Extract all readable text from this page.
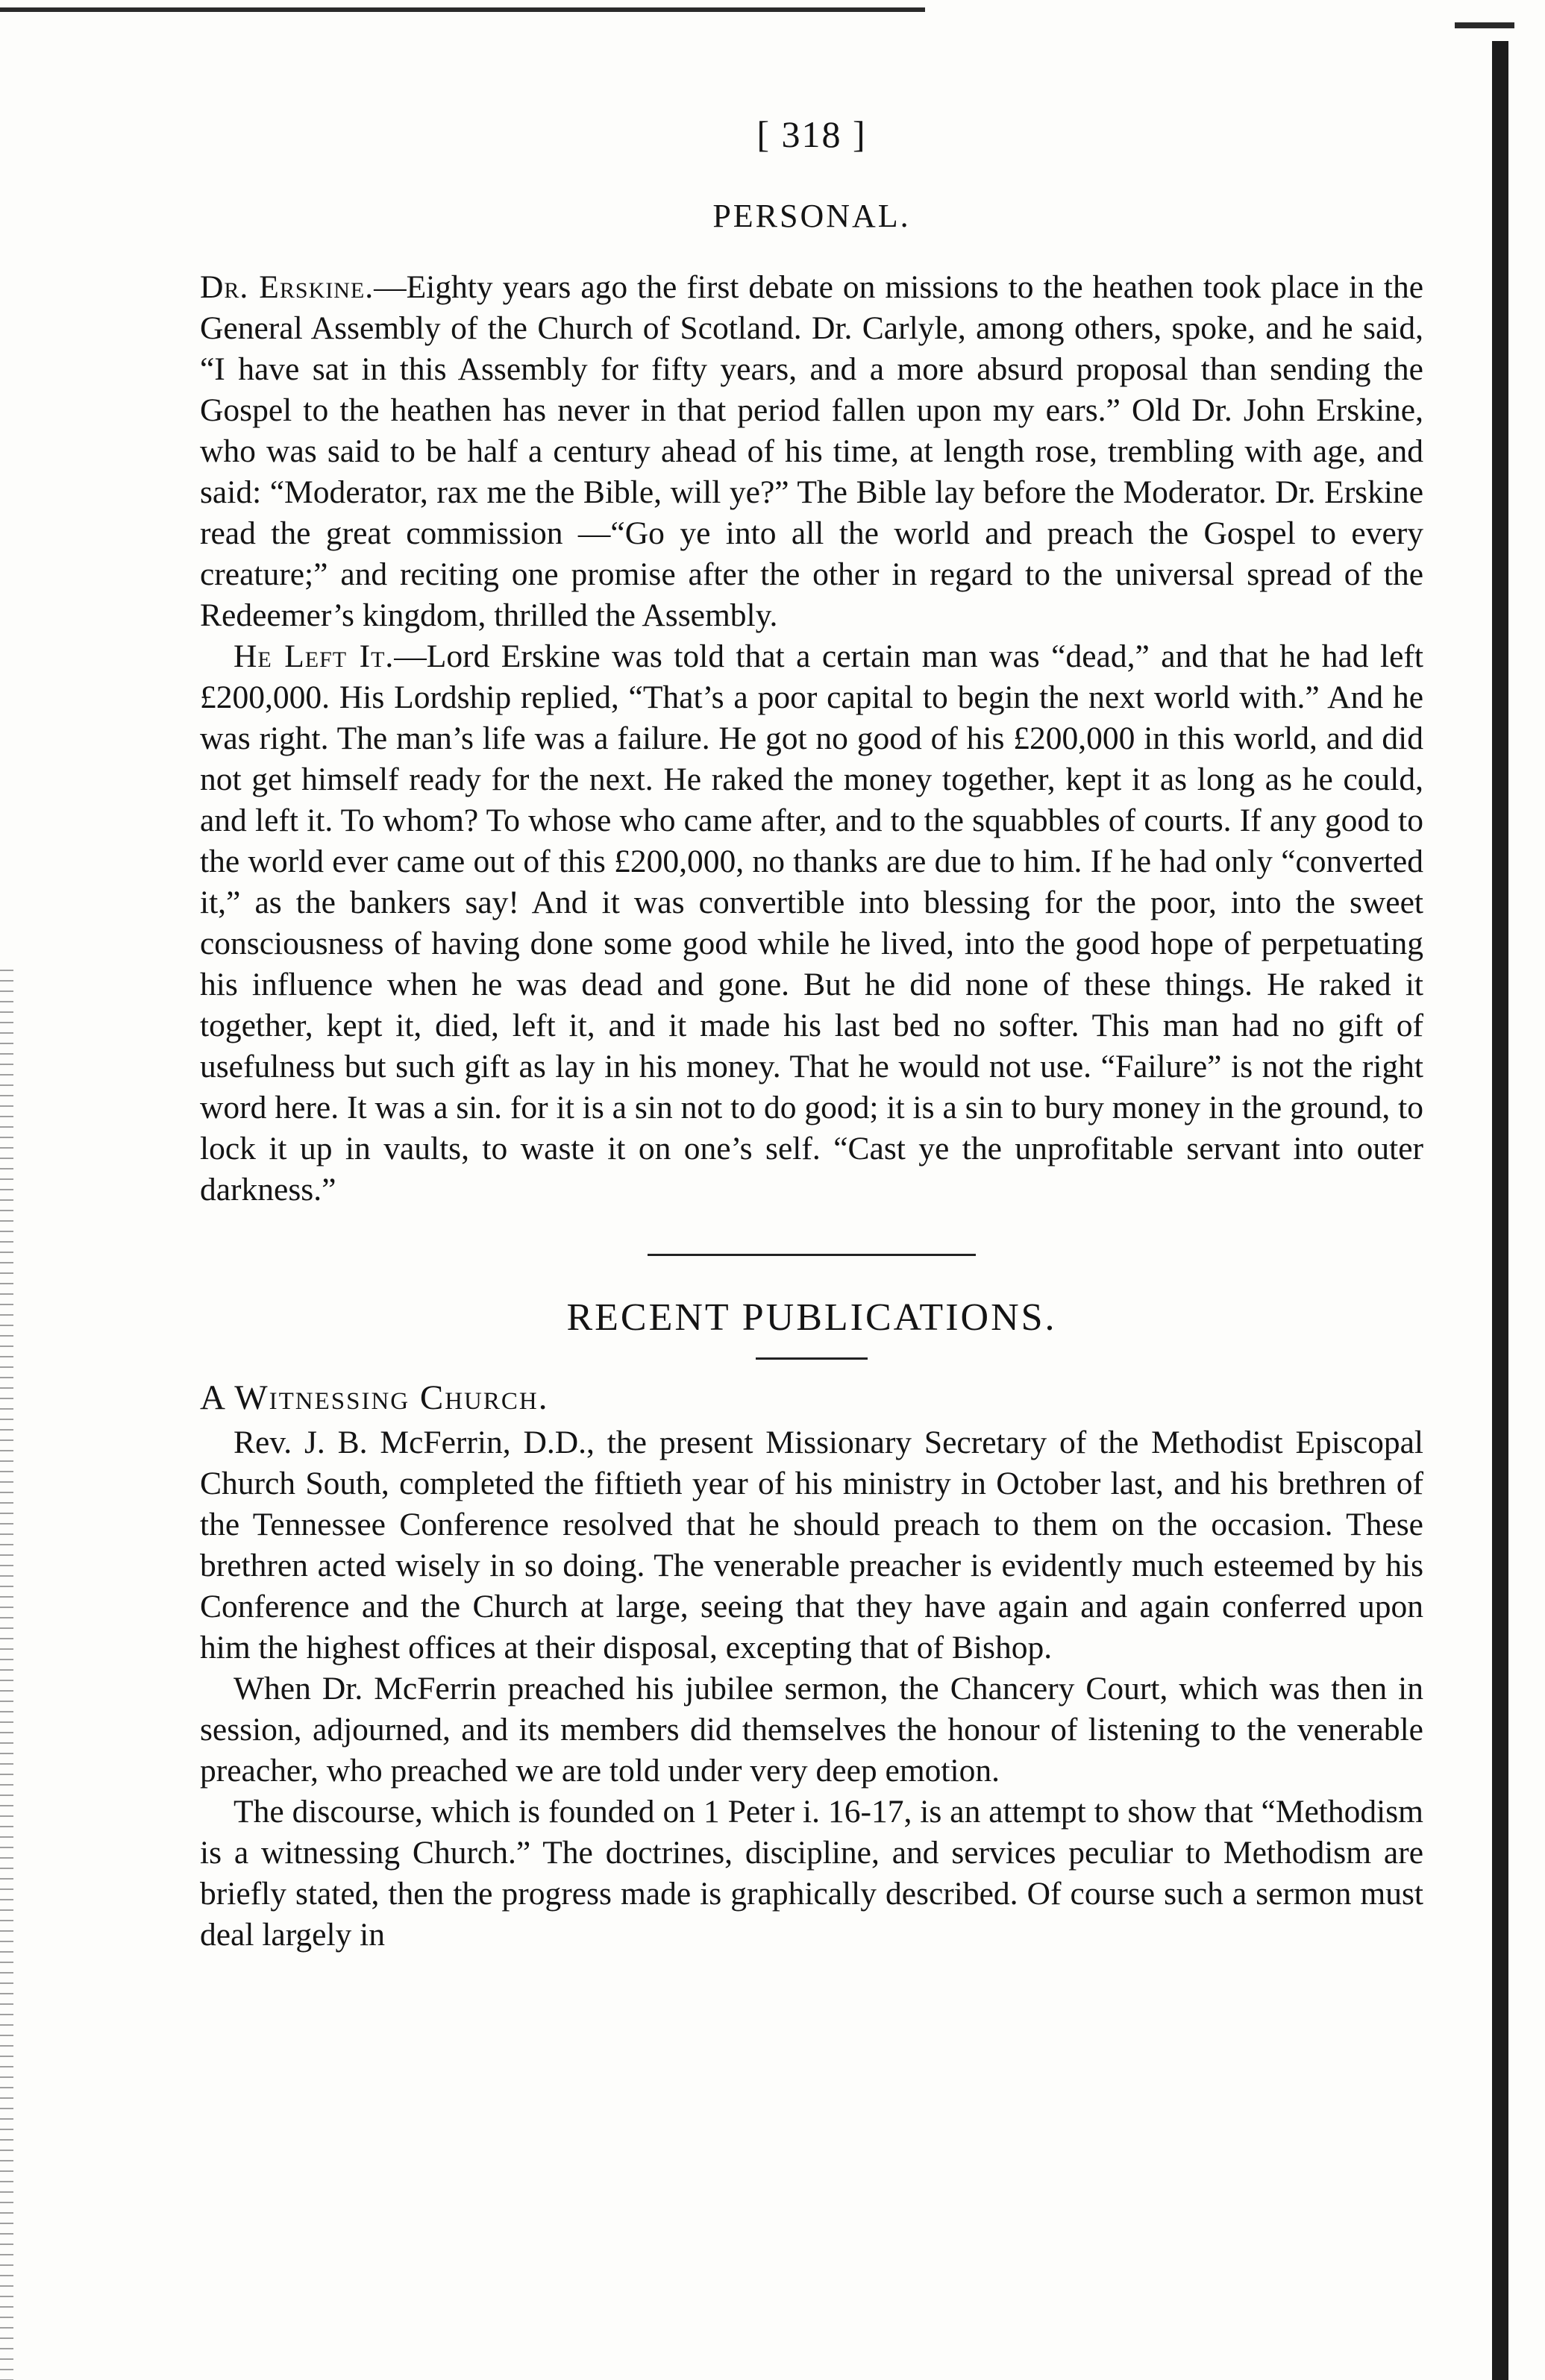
[ 318 ]
PERSONAL.

Dr. Erskine.—Eighty years ago the first debate on missions to the heathen took place in the General Assembly of the Church of Scotland. Dr. Carlyle, among others, spoke, and he said, “I have sat in this Assembly for fifty years, and a more absurd proposal than sending the Gospel to the heathen has never in that period fallen upon my ears.” Old Dr. John Erskine, who was said to be half a century ahead of his time, at length rose, trembling with age, and said: “Moderator, rax me the Bible, will ye?” The Bible lay before the Moderator. Dr. Erskine read the great commission —“Go ye into all the world and preach the Gospel to every creature;” and reciting one promise after the other in regard to the universal spread of the Redeemer’s kingdom, thrilled the Assembly.

He Left It.—Lord Erskine was told that a certain man was “dead,” and that he had left £200,000. His Lordship replied, “That’s a poor capital to begin the next world with.” And he was right. The man’s life was a failure. He got no good of his £200,000 in this world, and did not get himself ready for the next. He raked the money together, kept it as long as he could, and left it. To whom? To whose who came after, and to the squabbles of courts. If any good to the world ever came out of this £200,000, no thanks are due to him. If he had only “converted it,” as the bankers say! And it was convertible into blessing for the poor, into the sweet consciousness of having done some good while he lived, into the good hope of perpetuating his influence when he was dead and gone. But he did none of these things. He raked it together, kept it, died, left it, and it made his last bed no softer. This man had no gift of usefulness but such gift as lay in his money. That he would not use. “Failure” is not the right word here. It was a sin. for it is a sin not to do good; it is a sin to bury money in the ground, to lock it up in vaults, to waste it on one’s self. “Cast ye the unprofitable servant into outer darkness.”

RECENT PUBLICATIONS.
A Witnessing Church.

Rev. J. B. McFerrin, D.D., the present Missionary Secretary of the Methodist Episcopal Church South, completed the fiftieth year of his ministry in October last, and his brethren of the Tennessee Conference resolved that he should preach to them on the occasion. These brethren acted wisely in so doing. The venerable preacher is evidently much esteemed by his Conference and the Church at large, seeing that they have again and again conferred upon him the highest offices at their disposal, excepting that of Bishop.

When Dr. McFerrin preached his jubilee sermon, the Chancery Court, which was then in session, adjourned, and its members did themselves the honour of listening to the venerable preacher, who preached we are told under very deep emotion.

The discourse, which is founded on 1 Peter i. 16-17, is an attempt to show that “Methodism is a witnessing Church.” The doctrines, discipline, and services peculiar to Methodism are briefly stated, then the progress made is graphically described. Of course such a sermon must deal largely in
